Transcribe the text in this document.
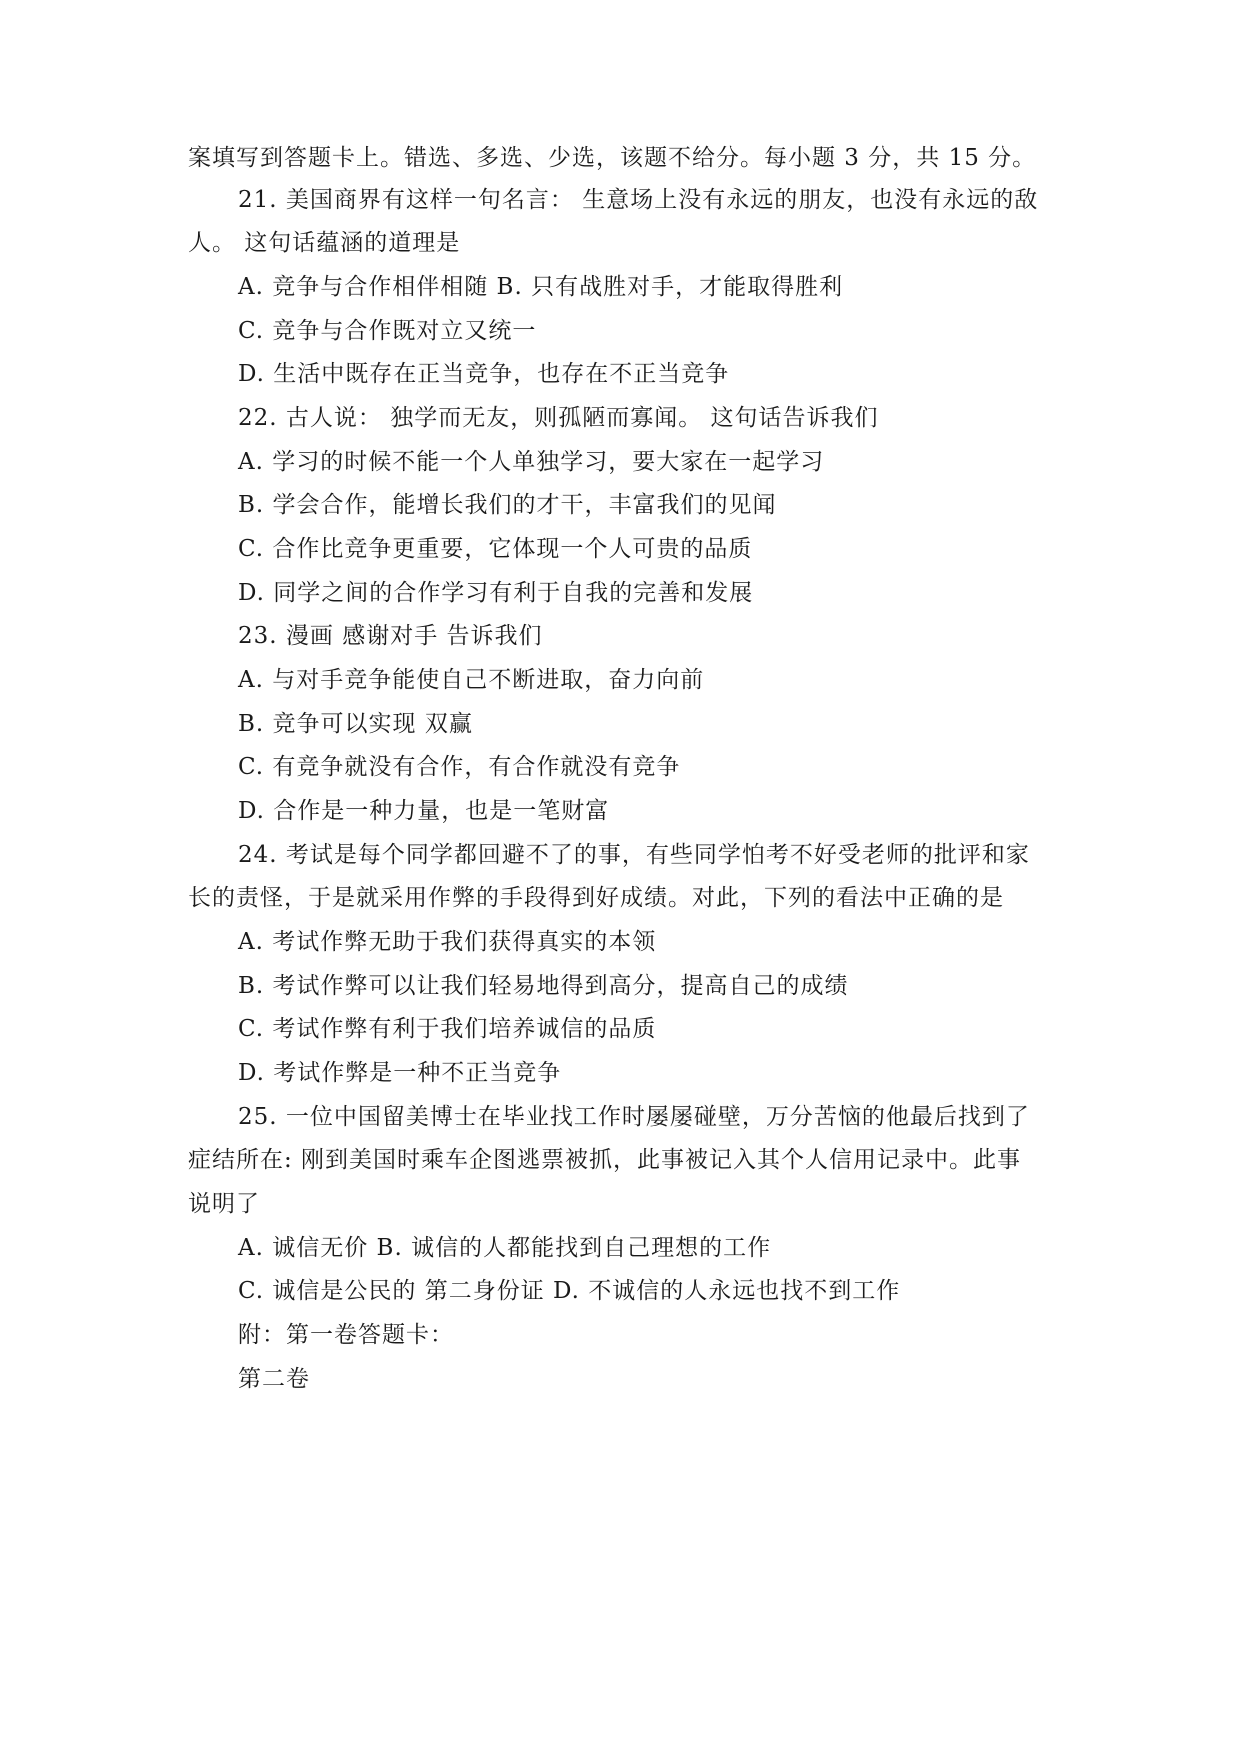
案填写到答题卡上。错选、多选、少选，该题不给分。每小题 3 分，共 15 分。
21. 美国商界有这样一句名言： 生意场上没有永远的朋友，也没有永远的敌
人。 这句话蕴涵的道理是
A. 竞争与合作相伴相随 B. 只有战胜对手，才能取得胜利
C. 竞争与合作既对立又统一
D. 生活中既存在正当竞争，也存在不正当竞争
22. 古人说： 独学而无友，则孤陋而寡闻。 这句话告诉我们
A. 学习的时候不能一个人单独学习，要大家在一起学习
B. 学会合作，能增长我们的才干，丰富我们的见闻
C. 合作比竞争更重要，它体现一个人可贵的品质
D. 同学之间的合作学习有利于自我的完善和发展
23. 漫画 感谢对手 告诉我们
A. 与对手竞争能使自己不断进取，奋力向前
B. 竞争可以实现 双赢
C. 有竞争就没有合作，有合作就没有竞争
D. 合作是一种力量，也是一笔财富
24. 考试是每个同学都回避不了的事，有些同学怕考不好受老师的批评和家
长的责怪，于是就采用作弊的手段得到好成绩。对此，下列的看法中正确的是
A. 考试作弊无助于我们获得真实的本领
B. 考试作弊可以让我们轻易地得到高分，提高自己的成绩
C. 考试作弊有利于我们培养诚信的品质
D. 考试作弊是一种不正当竞争
25. 一位中国留美博士在毕业找工作时屡屡碰壁，万分苦恼的他最后找到了
症结所在: 刚到美国时乘车企图逃票被抓，此事被记入其个人信用记录中。此事
说明了
A. 诚信无价 B. 诚信的人都能找到自己理想的工作
C. 诚信是公民的 第二身份证 D. 不诚信的人永远也找不到工作
附：第一卷答题卡：
第二卷
